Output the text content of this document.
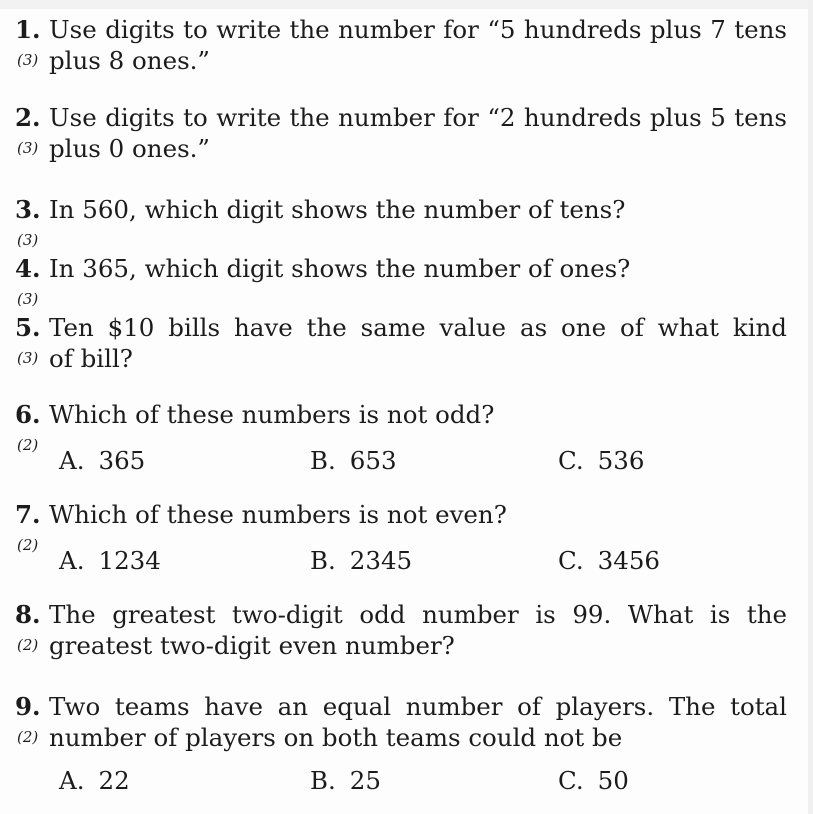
1.
(3)
Use digits to write the number for “5 hundreds plus 7 tens
plus 8 ones.”
2.
(3)
Use digits to write the number for “2 hundreds plus 5 tens
plus 0 ones.”
3.
(3)
In 560, which digit shows the number of tens?
4.
(3)
In 365, which digit shows the number of ones?
5.
(3)
Ten $10 bills have the same value as one of what kind
of bill?
6.
(2)
Which of these numbers is not odd?
A. 365	B. 653	C. 536
7.
(2)
Which of these numbers is not even?
A. 1234	B. 2345	C. 3456
8.
(2)
The greatest two-digit odd number is 99. What is the
greatest two-digit even number?
9.
(2)
Two teams have an equal number of players. The total
number of players on both teams could not be
A. 22	B. 25	C. 50
